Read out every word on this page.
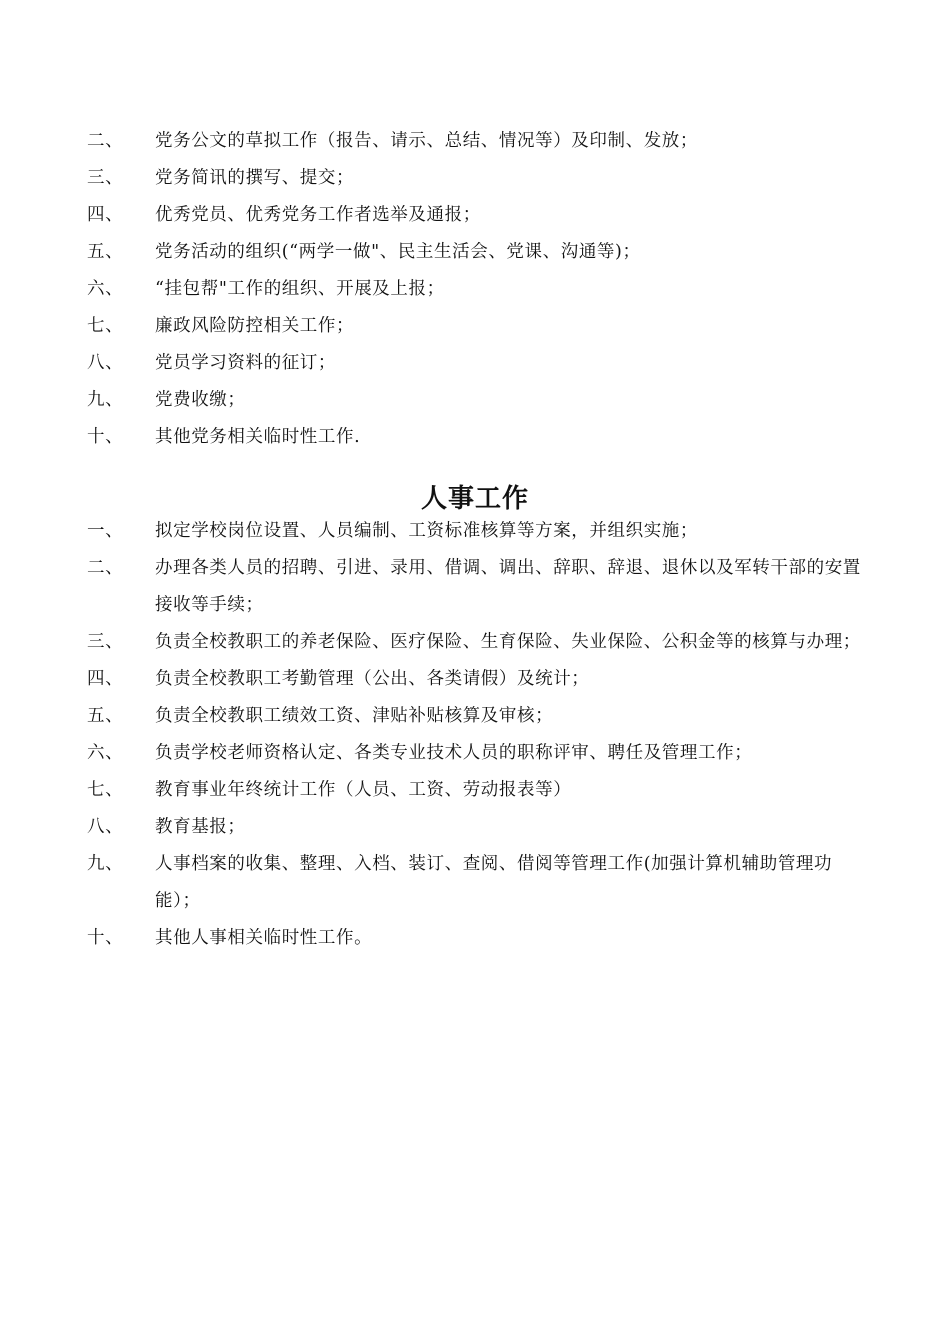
二、	党务公文的草拟工作（报告、请示、总结、情况等）及印制、发放；
三、	党务简讯的撰写、提交；
四、	优秀党员、优秀党务工作者选举及通报；
五、	党务活动的组织(“两学一做"、民主生活会、党课、沟通等)；
六、	“挂包帮"工作的组织、开展及上报；
七、	廉政风险防控相关工作；
八、	党员学习资料的征订；
九、	党费收缴；
十、	其他党务相关临时性工作.
人事工作
一、	拟定学校岗位设置、人员编制、工资标准核算等方案，并组织实施；
二、	办理各类人员的招聘、引进、录用、借调、调出、辞职、辞退、退休以及军转干部的安置接收等手续；
三、	负责全校教职工的养老保险、医疗保险、生育保险、失业保险、公积金等的核算与办理；
四、	负责全校教职工考勤管理（公出、各类请假）及统计；
五、	负责全校教职工绩效工资、津贴补贴核算及审核；
六、	负责学校老师资格认定、各类专业技术人员的职称评审、聘任及管理工作；
七、	教育事业年终统计工作（人员、工资、劳动报表等）
八、	教育基报；
九、	人事档案的收集、整理、入档、装订、查阅、借阅等管理工作(加强计算机辅助管理功能）；
十、	其他人事相关临时性工作。
